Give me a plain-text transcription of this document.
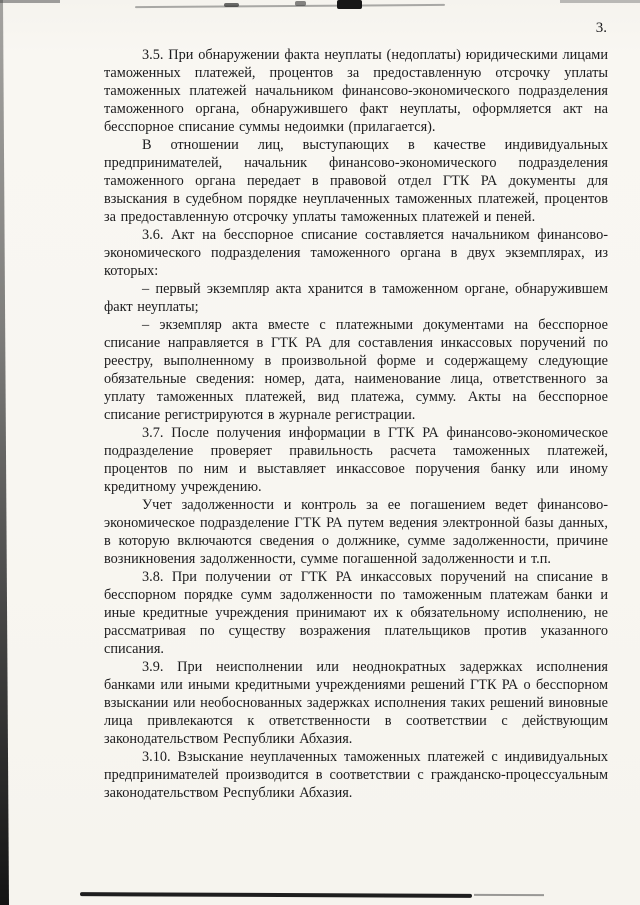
3.

3.5. При обнаружении факта неуплаты (недоплаты) юридическими лицами таможенных платежей, процентов за предоставленную отсрочку уплаты таможенных платежей начальником финансово-экономического подразделения таможенного органа, обнаружившего факт неуплаты, оформляется акт на бесспорное списание суммы недоимки (прилагается).

В отношении лиц, выступающих в качестве индивидуальных предпринимателей, начальник финансово-экономического подразделения таможенного органа передает в правовой отдел ГТК РА документы для взыскания в судебном порядке неуплаченных таможенных платежей, процентов за предоставленную отсрочку уплаты таможенных платежей и пеней.

3.6. Акт на бесспорное списание составляется начальником финансово-экономического подразделения таможенного органа в двух экземплярах, из которых:

– первый экземпляр акта хранится в таможенном органе, обнаружившем факт неуплаты;

– экземпляр акта вместе с платежными документами на бесспорное списание направляется в ГТК РА для составления инкассовых поручений по реестру, выполненному в произвольной форме и содержащему следующие обязательные сведения: номер, дата, наименование лица, ответственного за уплату таможенных платежей, вид платежа, сумму. Акты на бесспорное списание регистрируются в журнале регистрации.

3.7. После получения информации в ГТК РА финансово-экономическое подразделение проверяет правильность расчета таможенных платежей, процентов по ним и выставляет инкассовое поручения банку или иному кредитному учреждению.

Учет задолженности и контроль за ее погашением ведет финансово-экономическое подразделение ГТК РА путем ведения электронной базы данных, в которую включаются сведения о должнике, сумме задолженности, причине возникновения задолженности, сумме погашенной задолженности и т.п.

3.8. При получении от ГТК РА инкассовых поручений на списание в бесспорном порядке сумм задолженности по таможенным платежам банки и иные кредитные учреждения принимают их к обязательному исполнению, не рассматривая по существу возражения плательщиков против указанного списания.

3.9. При неисполнении или неоднократных задержках исполнения банками или иными кредитными учреждениями решений ГТК РА о бесспорном взыскании или необоснованных задержках исполнения таких решений виновные лица привлекаются к ответственности в соответствии с действующим законодательством Республики Абхазия.

3.10. Взыскание неуплаченных таможенных платежей с индивидуальных предпринимателей производится в соответствии с гражданско-процессуальным законодательством Республики Абхазия.
